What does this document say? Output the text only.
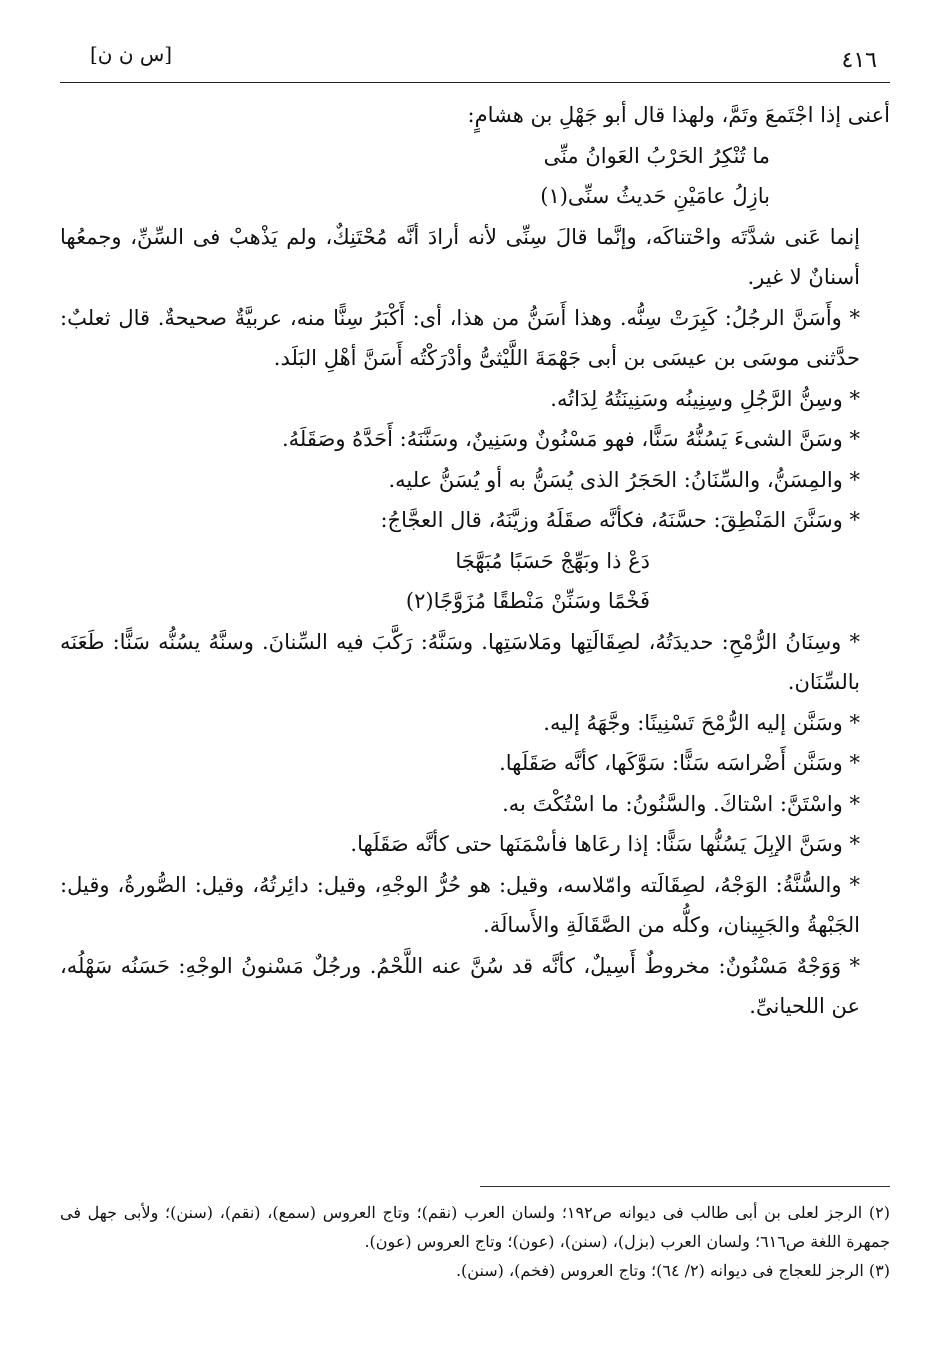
[س ن ن]	٤١٦

أعنى إذا اجْتَمعَ وتَمَّ، ولهذا قال أبو جَهْلِ بن هشامٍ:

ما تُنْكِرُ الحَرْبُ العَوانُ منِّى

بازِلُ عامَيْنِ حَديثُ سنِّى(١)

إنما عَنى شدَّتَه واحْتناكَه، وإنَّما قالَ سِنِّى لأنه أرادَ أنَّه مُحْتَنِكٌ، ولم يَذْهبْ فى السِّنِّ، وجمعُها أسنانٌ لا غير.

* وأَسَنَّ الرجُلُ: كَبِرَتْ سِنُّه. وهذا أَسَنُّ من هذا، أى: أَكْبَرُ سِنًّا منه، عربيَّةٌ صحيحةٌ. قال ثعلبٌ: حدَّثنى موسَى بن عيسَى بن أبى جَهْمَةَ اللَّيْثىُّ وأدْرَكْتُه أَسَنَّ أهْلِ البَلَد.

* وسِنُّ الرَّجُلِ وسِنِينُه وسَنِينَتُهُ لِدَاتُه.

* وسَنَّ الشىءَ يَسُنُّهُ سَنًّا، فهو مَسْنُونٌ وسَنِينٌ، وسَنَّنَهُ: أَحَدَّهُ وصَقَلَهُ.

* والمِسَنُّ، والسِّنَانُ: الحَجَرُ الذى يُسَنُّ به أو يُسَنُّ عليه.

* وسَنَّنَ المَنْطِقَ: حسَّنَهُ، فكأنَّه صقَلَهُ وزيَّنَهُ، قال العجَّاجُ:

دَعْ ذا وبَهِّجْ حَسَبًا مُبَهَّجَا

فَخْمًا وسَنِّنْ مَنْطقًا مُزَوَّجًا(٢)

* وسِنَانُ الرُّمْحِ: حديدَتُهُ، لصِقَالَتِها ومَلاسَتِها. وسَنَّهُ: رَكَّبَ فيه السِّنانَ. وسنَّهُ يسُنُّه سَنًّا: طَعَنَه بالسِّنَان.

* وسَنَّن إليه الرُّمْحَ تَسْنِينًا: وجَّهَهُ إليه.

* وسَنَّن أَضْراسَه سَنًّا: سَوَّكَها، كأنَّه صَقَلَها.

* واسْتَنَّ: اسْتاكَ. والسَّنُونُ: ما اسْتُكْتَ به.

* وسَنَّ الإبِلَ يَسُنُّها سَنًّا: إذا رعَاها فأسْمَنَها حتى كأنَّه صَقَلَها.

* والسُّنَّةُ: الوَجْهُ، لصِقَالَته وامّلاسه، وقيل: هو حُرُّ الوجْهِ، وقيل: دائِرتُهُ، وقيل: الصُّورةُ، وقيل: الجَبْهةُ والجَبِينان، وكلُّه من الصَّقَالَةِ والأَسالَة.

* وَوَجْهٌ مَسْنُونٌ: مخروطٌ أَسِيلٌ، كأنَّه قد سُنَّ عنه اللَّحْمُ. ورجُلٌ مَسْنونُ الوجْهِ: حَسَنُه سَهْلُه، عن اللحيانىِّ.

(٢) الرجز لعلى بن أبى طالب فى ديوانه ص١٩٢؛ ولسان العرب (نقم)؛ وتاج العروس (سمع)، (نقم)، (سنن)؛ ولأبى جهل فى جمهرة اللغة ص٦١٦؛ ولسان العرب (بزل)، (سنن)، (عون)؛ وتاج العروس (عون).

(٣) الرجز للعجاج فى ديوانه (٢/ ٦٤)؛ وتاج العروس (فخم)، (سنن).
